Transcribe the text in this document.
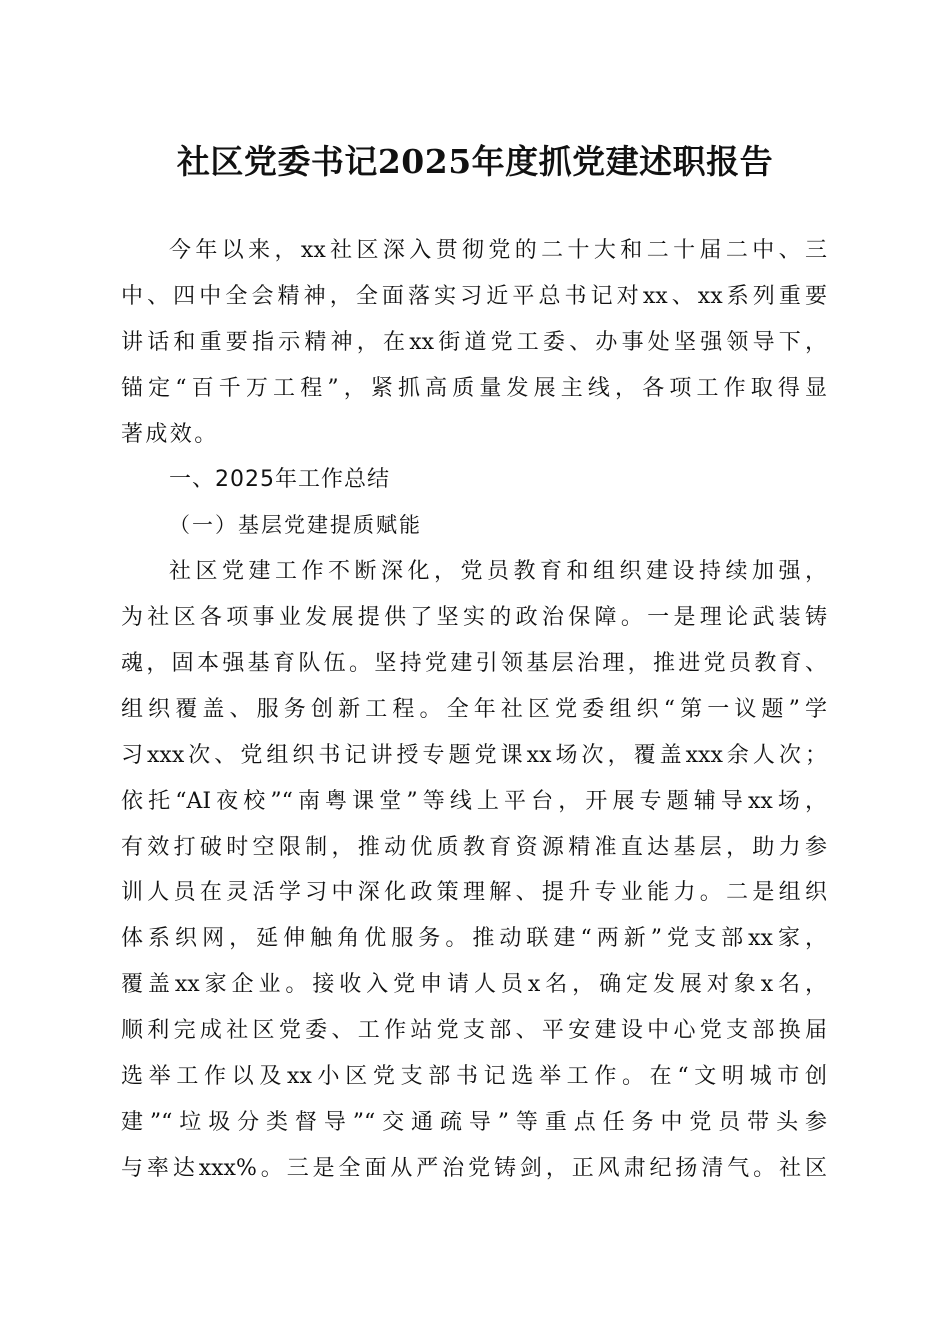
社区党委书记2025年度抓党建述职报告
今年以来，xx社区深入贯彻党的二十大和二十届二中、三
中、四中全会精神，全面落实习近平总书记对xx、xx系列重要
讲话和重要指示精神，在xx街道党工委、办事处坚强领导下，
锚定“百千万工程”，紧抓高质量发展主线，各项工作取得显
著成效。
一、2025年工作总结
（一）基层党建提质赋能
社区党建工作不断深化，党员教育和组织建设持续加强，
为社区各项事业发展提供了坚实的政治保障。一是理论武装铸
魂，固本强基育队伍。坚持党建引领基层治理，推进党员教育、
组织覆盖、服务创新工程。全年社区党委组织“第一议题”学
习xxx次、党组织书记讲授专题党课xx场次，覆盖xxx余人次；
依托“AI夜校”“南粤课堂”等线上平台，开展专题辅导xx场，
有效打破时空限制，推动优质教育资源精准直达基层，助力参
训人员在灵活学习中深化政策理解、提升专业能力。二是组织
体系织网，延伸触角优服务。推动联建“两新”党支部xx家，
覆盖xx家企业。接收入党申请人员x名，确定发展对象x名，
顺利完成社区党委、工作站党支部、平安建设中心党支部换届
选举工作以及xx小区党支部书记选举工作。在“文明城市创
建”“垃圾分类督导”“交通疏导”等重点任务中党员带头参
与率达xxx%。三是全面从严治党铸剑，正风肃纪扬清气。社区
